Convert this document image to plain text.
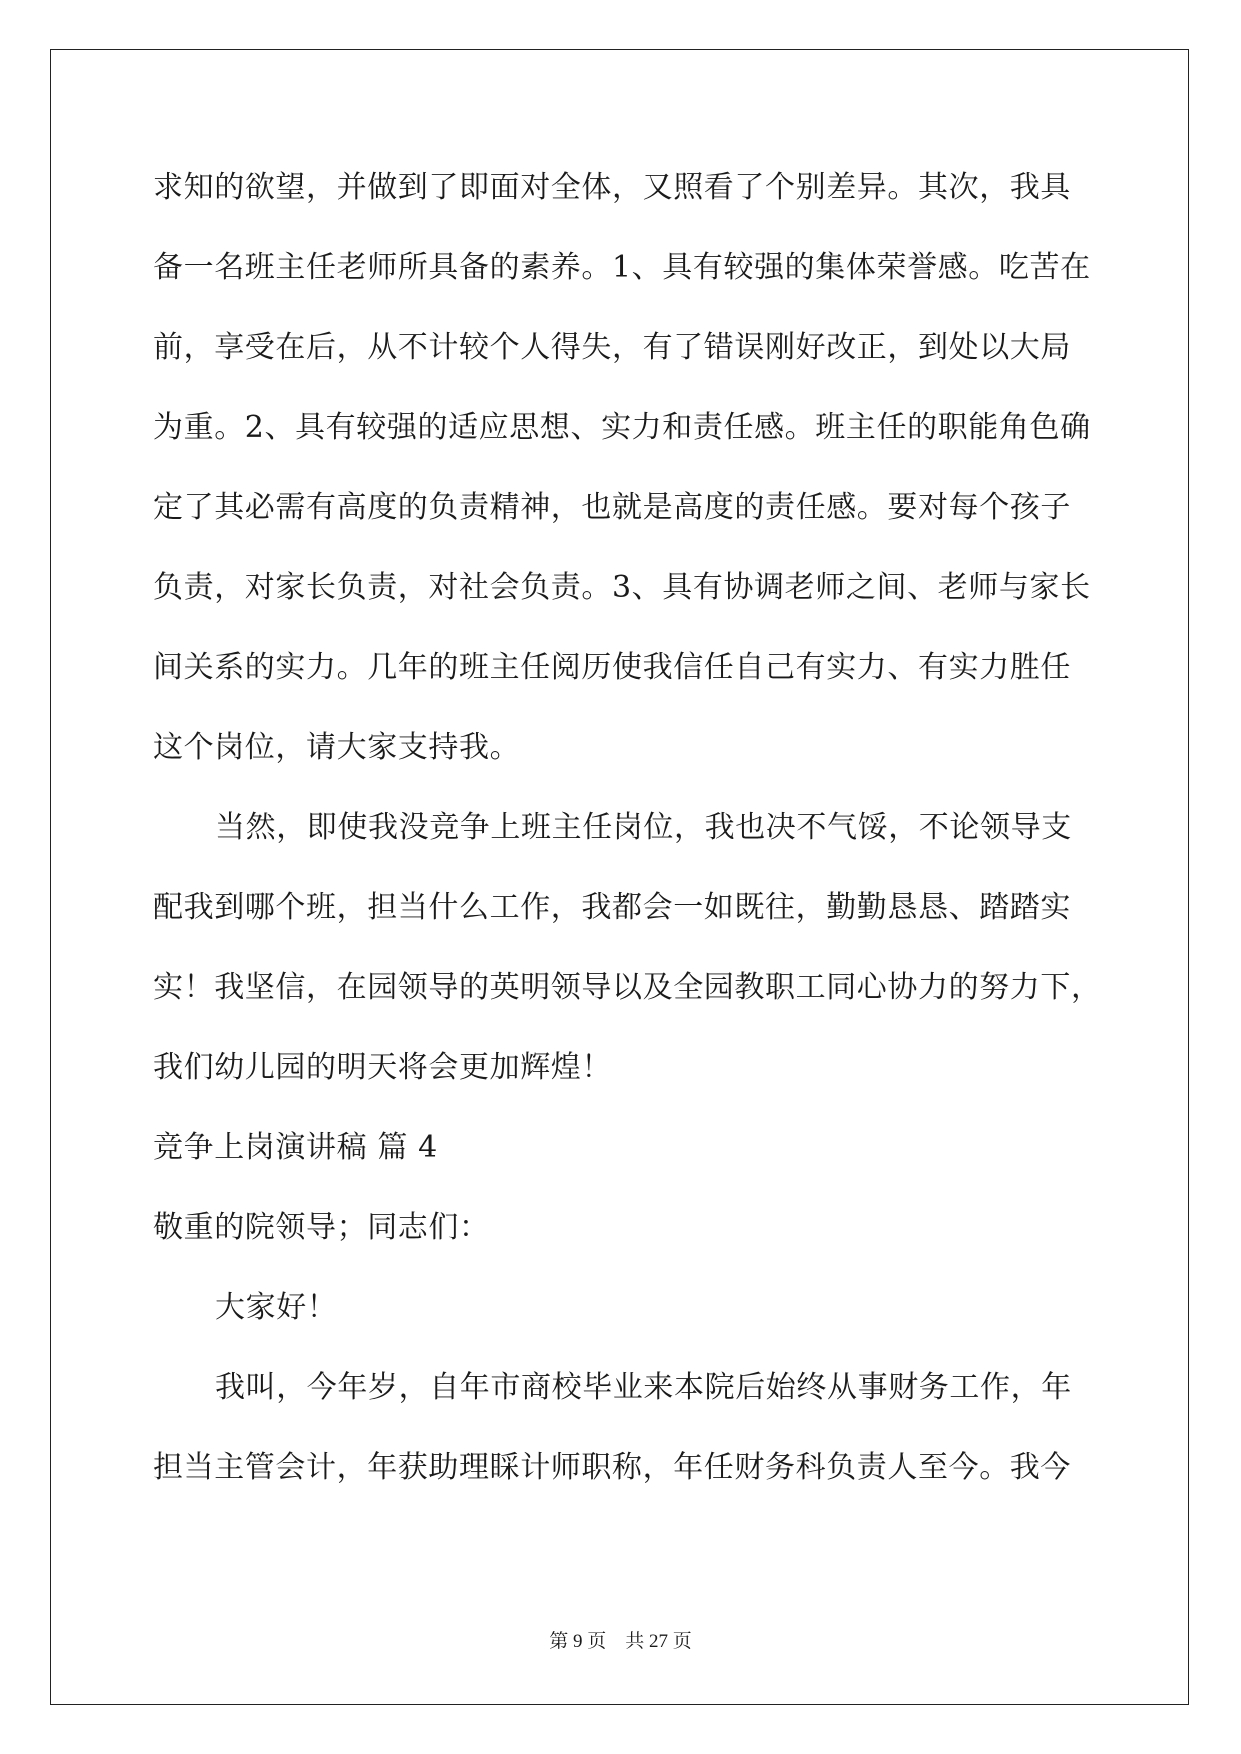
求知的欲望，并做到了即面对全体，又照看了个别差异。其次，我具
备一名班主任老师所具备的素养。1、具有较强的集体荣誉感。吃苦在
前，享受在后，从不计较个人得失，有了错误刚好改正，到处以大局
为重。2、具有较强的适应思想、实力和责任感。班主任的职能角色确
定了其必需有高度的负责精神，也就是高度的责任感。要对每个孩子
负责，对家长负责，对社会负责。3、具有协调老师之间、老师与家长
间关系的实力。几年的班主任阅历使我信任自己有实力、有实力胜任
这个岗位，请大家支持我。
当然，即使我没竞争上班主任岗位，我也决不气馁，不论领导支
配我到哪个班，担当什么工作，我都会一如既往，勤勤恳恳、踏踏实
实！我坚信，在园领导的英明领导以及全园教职工同心协力的努力下，
我们幼儿园的明天将会更加辉煌！
竞争上岗演讲稿 篇 4
敬重的院领导；同志们：
大家好！
我叫，今年岁，自年市商校毕业来本院后始终从事财务工作，年
担当主管会计，年获助理睬计师职称，年任财务科负责人至今。我今
第 9 页　共 27 页
